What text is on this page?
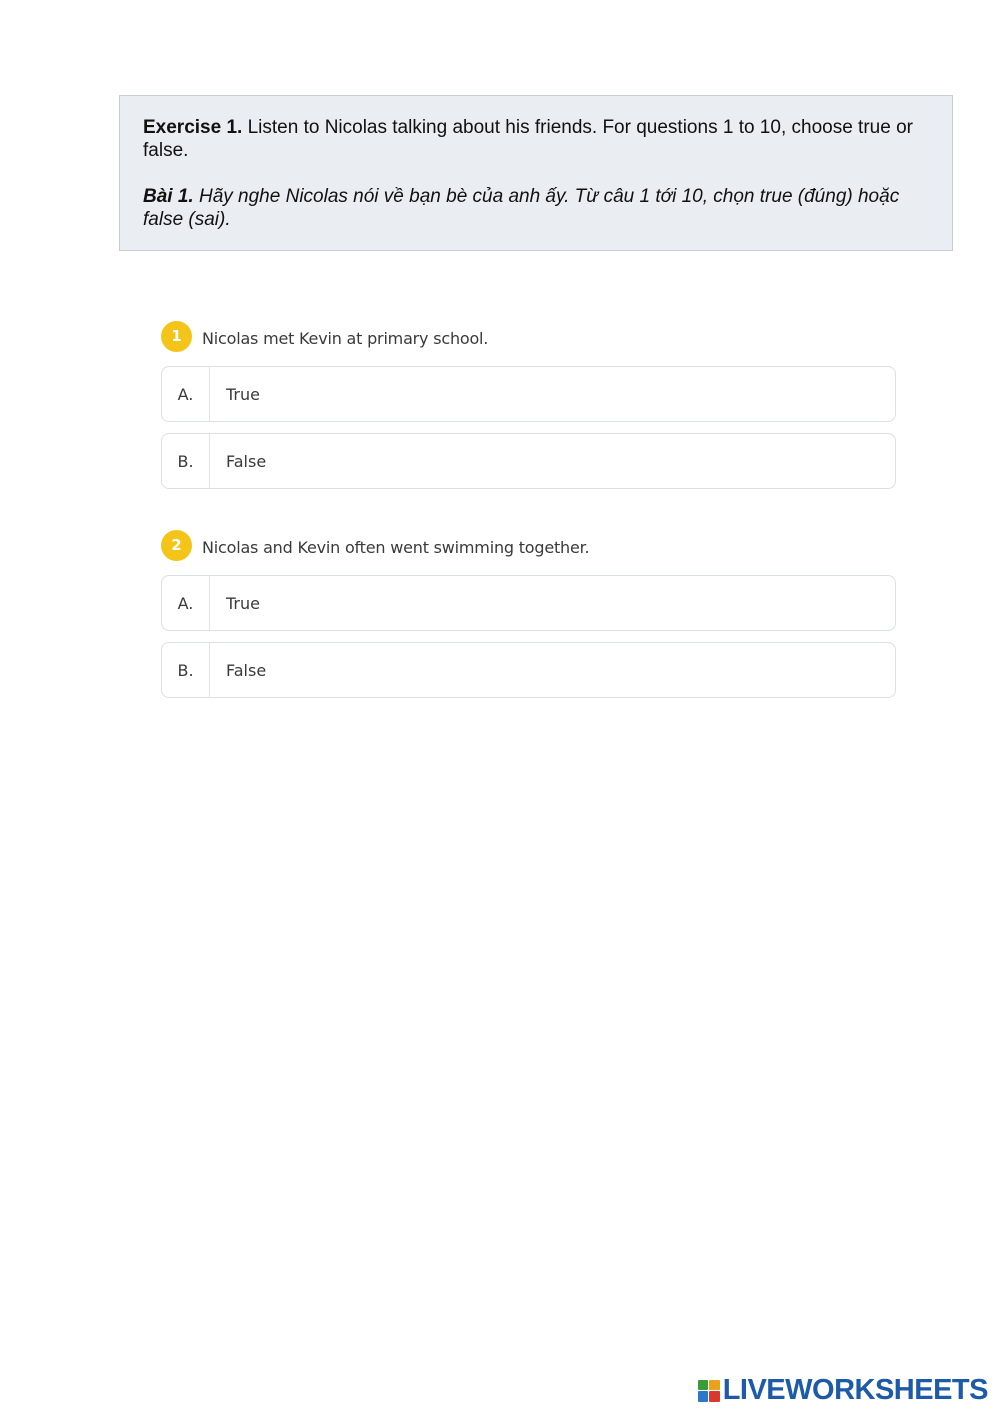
Exercise 1. Listen to Nicolas talking about his friends. For questions 1 to 10, choose true or false.

Bài 1. Hãy nghe Nicolas nói về bạn bè của anh ấy. Từ câu 1 tới 10, chọn true (đúng) hoặc false (sai).

1	Nicolas met Kevin at primary school.
A.	True
B.	False
2	Nicolas and Kevin often went swimming together.
A.	True
B.	False
LIVEWORKSHEETS
